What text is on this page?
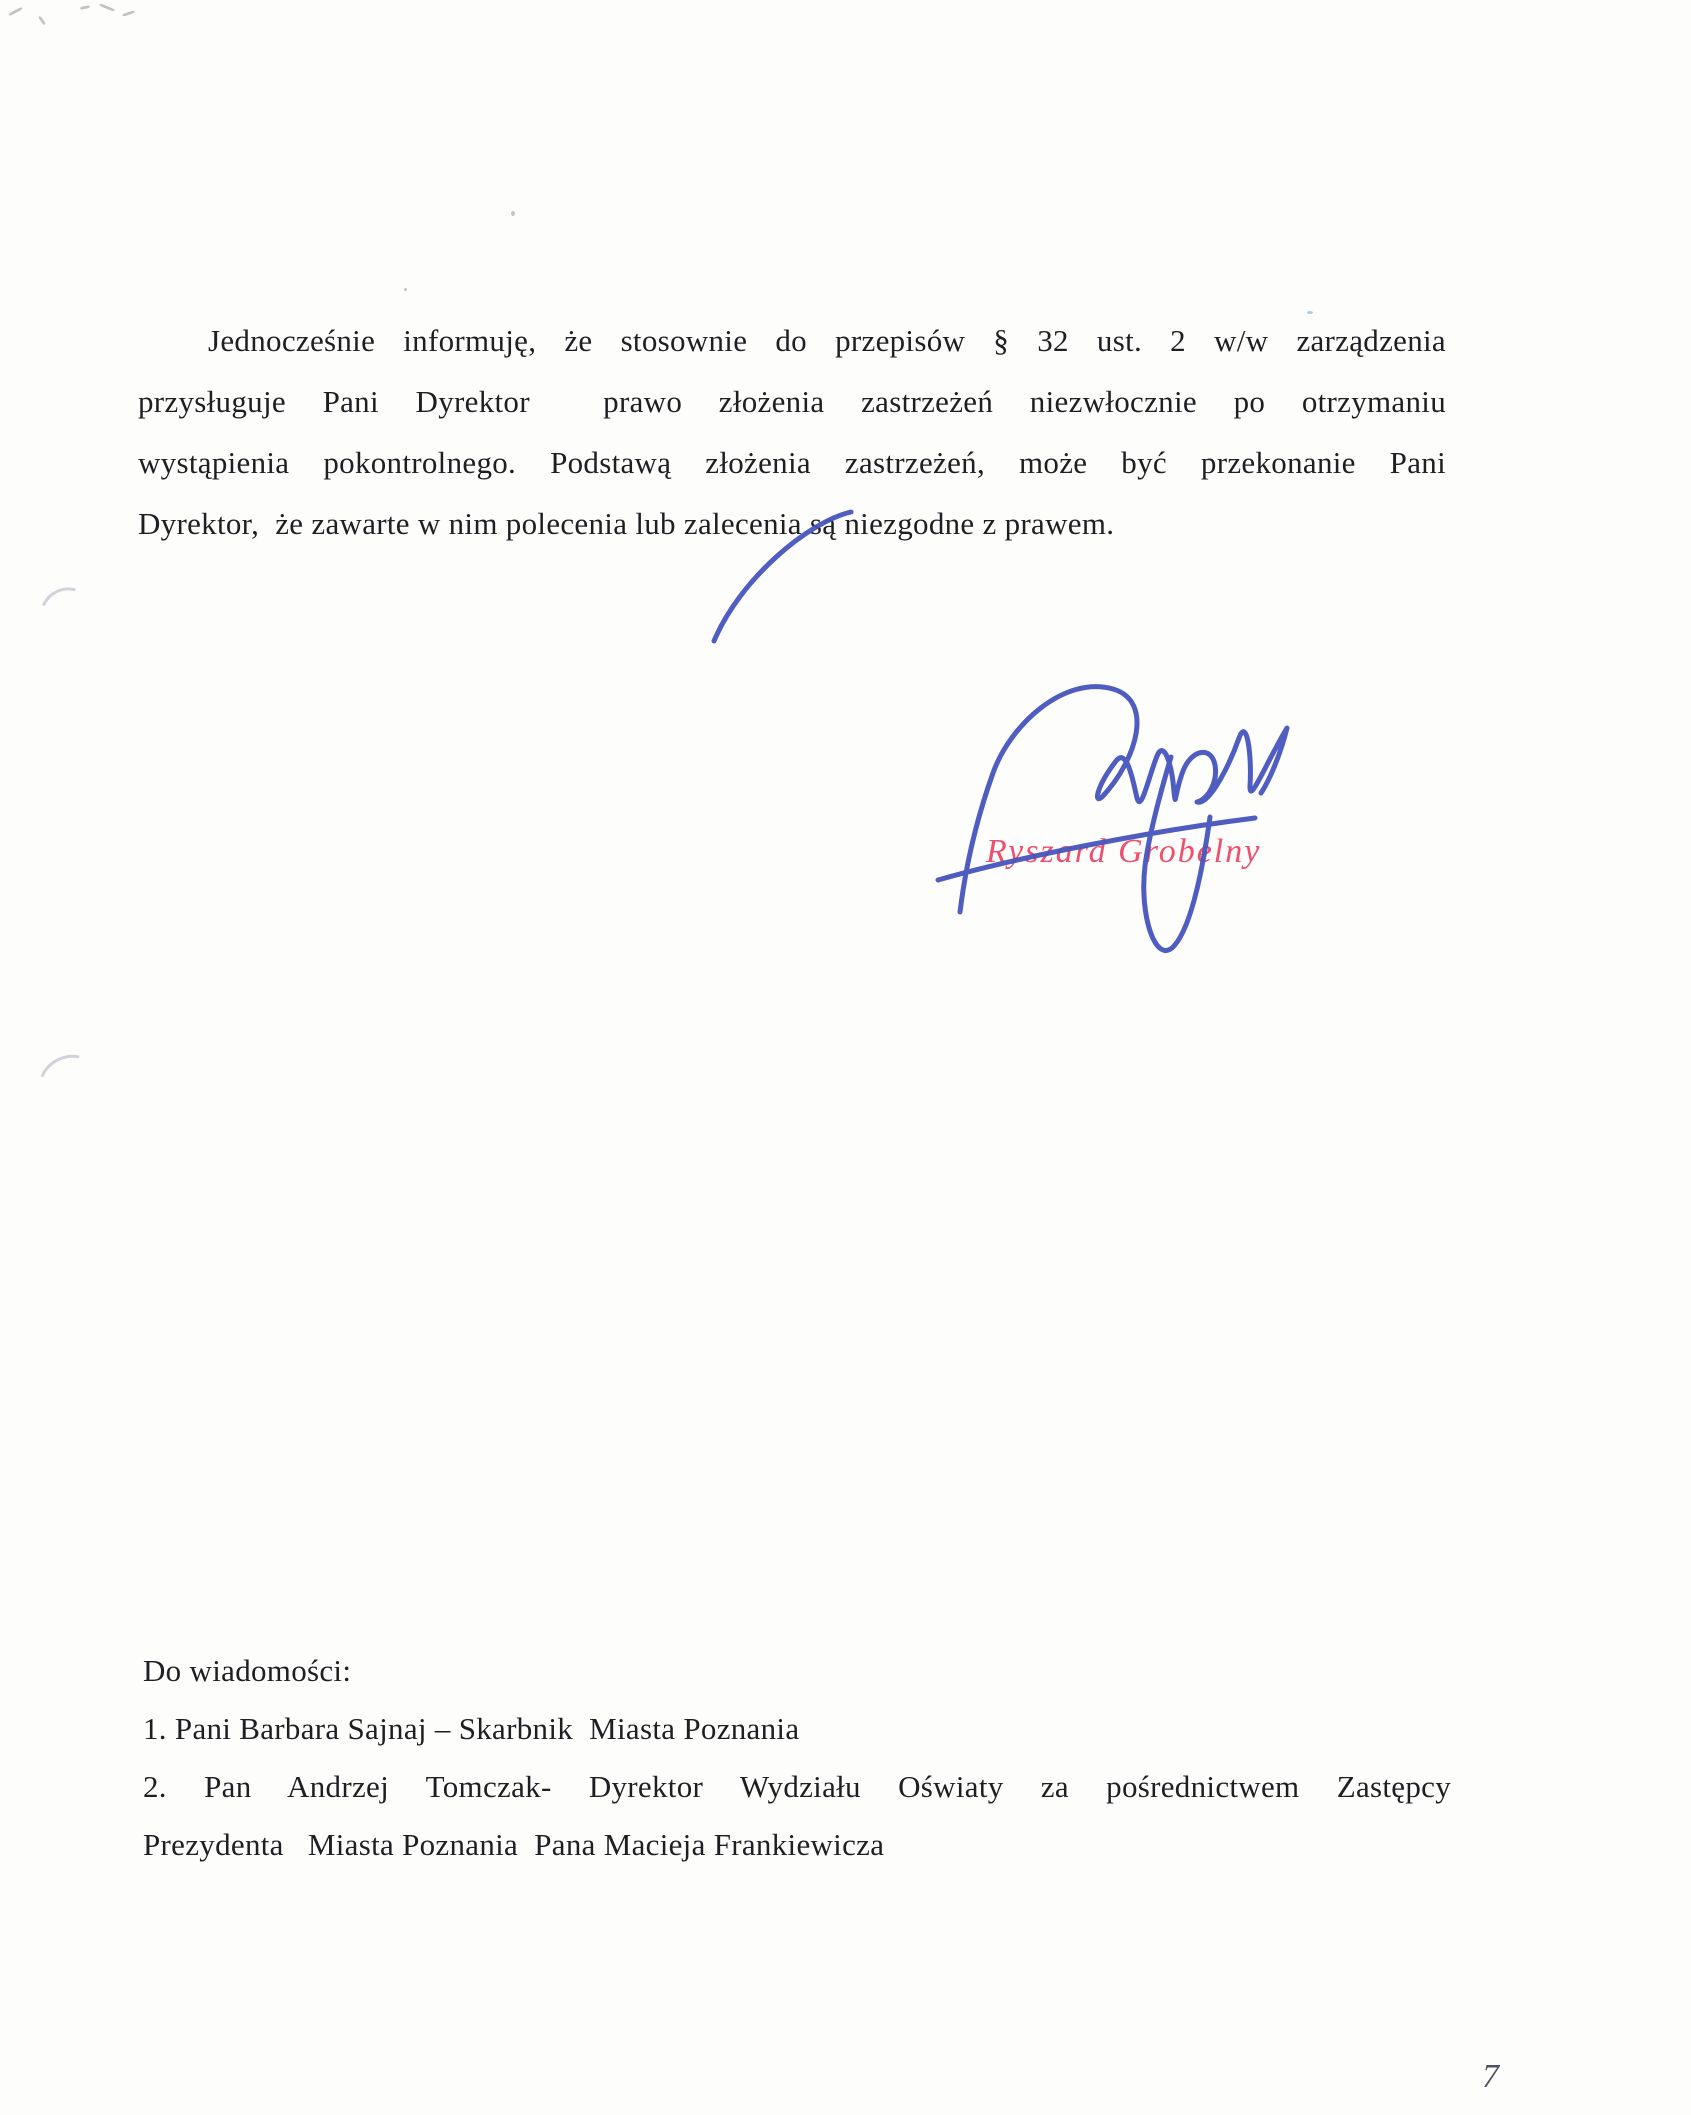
Jednocześnie informuję, że stosownie do przepisów § 32 ust. 2 w/w zarządzenia
przysługuje Pani Dyrektor  prawo złożenia zastrzeżeń niezwłocznie po otrzymaniu
wystąpienia pokontrolnego. Podstawą złożenia zastrzeżeń, może być przekonanie Pani
Dyrektor,  że zawarte w nim polecenia lub zalecenia są niezgodne z prawem.
Ryszard Grobelny
Do wiadomości:
1. Pani Barbara Sajnaj – Skarbnik  Miasta Poznania
2. Pan Andrzej Tomczak- Dyrektor Wydziału Oświaty za pośrednictwem Zastępcy
Prezydenta   Miasta Poznania  Pana Macieja Frankiewicza
7
